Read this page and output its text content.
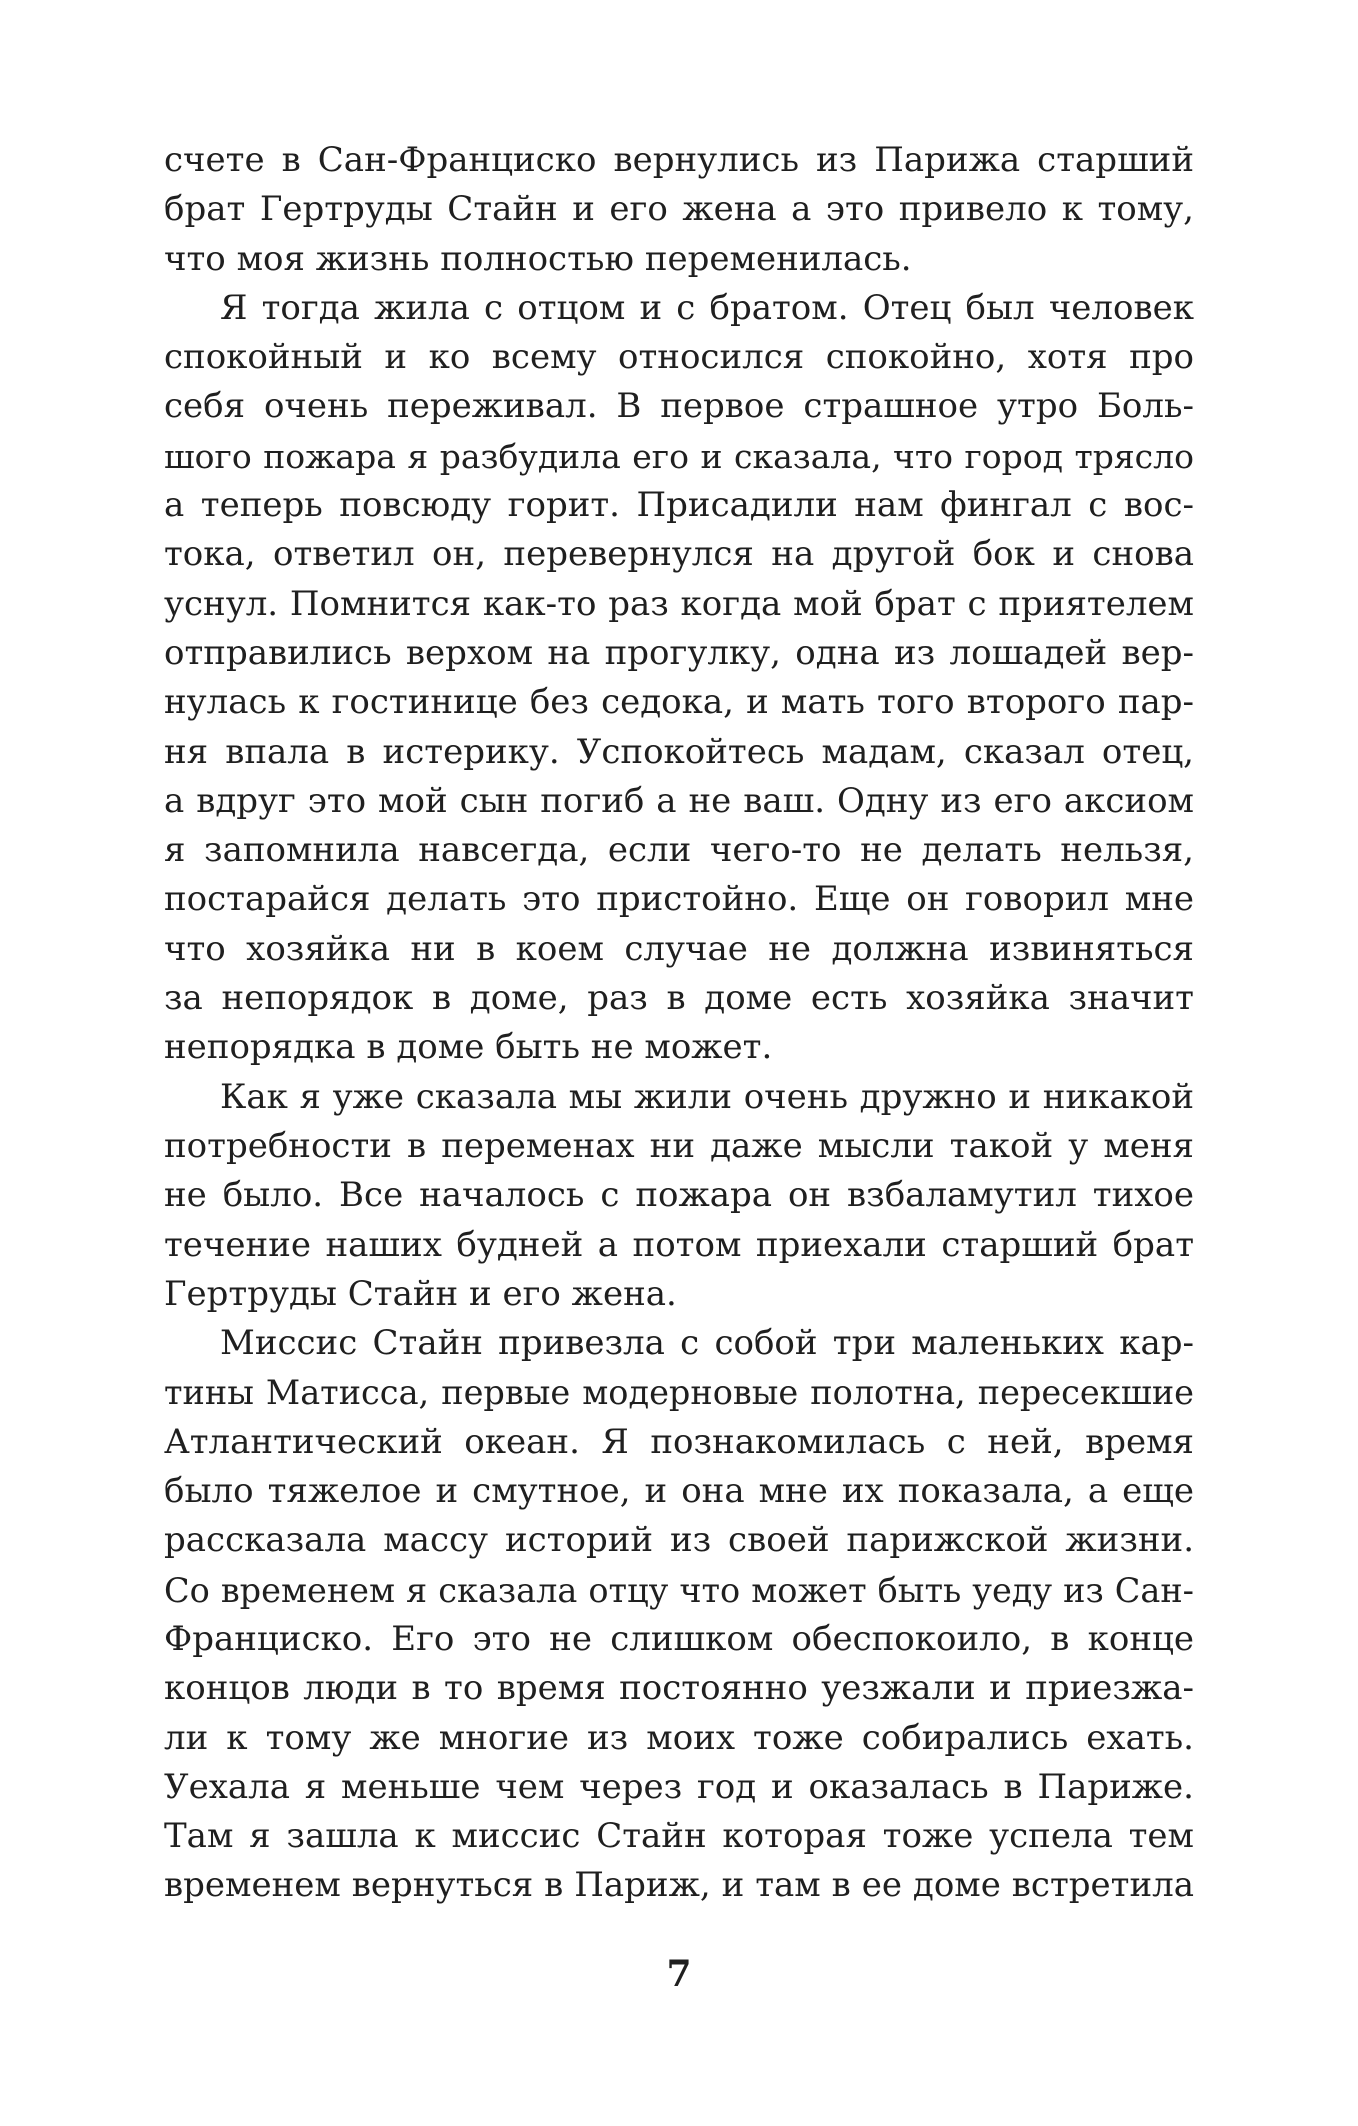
счете в Сан-Франциско вернулись из Парижа старший
брат Гертруды Стайн и его жена а это привело к тому,
что моя жизнь полностью переменилась.
Я тогда жила с отцом и с братом. Отец был человек
спокойный и ко всему относился спокойно, хотя про
себя очень переживал. В первое страшное утро Боль-
шого пожара я разбудила его и сказала, что город трясло
а теперь повсюду горит. Присадили нам фингал с вос-
тока, ответил он, перевернулся на другой бок и снова
уснул. Помнится как-то раз когда мой брат с приятелем
отправились верхом на прогулку, одна из лошадей вер-
нулась к гостинице без седока, и мать того второго пар-
ня впала в истерику. Успокойтесь мадам, сказал отец,
а вдруг это мой сын погиб а не ваш. Одну из его аксиом
я запомнила навсегда, если чего-то не делать нельзя,
постарайся делать это пристойно. Еще он говорил мне
что хозяйка ни в коем случае не должна извиняться
за непорядок в доме, раз в доме есть хозяйка значит
непорядка в доме быть не может.
Как я уже сказала мы жили очень дружно и никакой
потребности в переменах ни даже мысли такой у меня
не было. Все началось с пожара он взбаламутил тихое
течение наших будней а потом приехали старший брат
Гертруды Стайн и его жена.
Миссис Стайн привезла с собой три маленьких кар-
тины Матисса, первые модерновые полотна, пересекшие
Атлантический океан. Я познакомилась с ней, время
было тяжелое и смутное, и она мне их показала, а еще
рассказала массу историй из своей парижской жизни.
Со временем я сказала отцу что может быть уеду из Сан-
Франциско. Его это не слишком обеспокоило, в конце
концов люди в то время постоянно уезжали и приезжа-
ли к тому же многие из моих тоже собирались ехать.
Уехала я меньше чем через год и оказалась в Париже.
Там я зашла к миссис Стайн которая тоже успела тем
временем вернуться в Париж, и там в ее доме встретила
7
